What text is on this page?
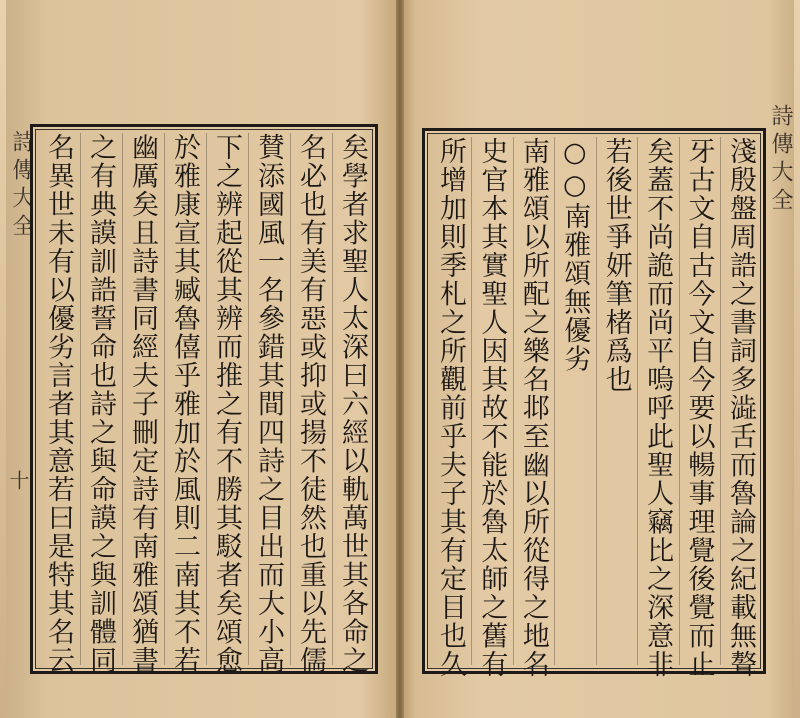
詩傳大全
十	矣學者求聖人太深曰六經以軌萬世其各命之
名必也有美有惡或抑或揚不徒然也重以先儒
賛添國風一名參錯其間四詩之目出而大小高
下之辨起從其辨而推之有不勝其駁者矣頌愈
於雅康宣其臧魯僖乎雅加於風則二南其不若
幽厲矣且詩書同經夫子刪定詩有南雅頌猶書
之有典謨訓誥誓命也詩之與命謨之與訓體同
名異世未有以優劣言者其意若曰是特其名云	詩傳大全
淺殷盤周誥之書詞多澁舌而魯論之紀載無聱
牙古文自古今文自今要以暢事理覺後覺而止
矣蓋不尚詭而尚平嗚呼此聖人竊比之深意非
若後世爭妍筆楮爲也
○○南雅頌無優劣
南雅頌以所配之樂名邶至幽以所從得之地名
史官本其實聖人因其故不能於魯太師之舊有
所增加則季札之所觀前乎夫子其有定目也久
